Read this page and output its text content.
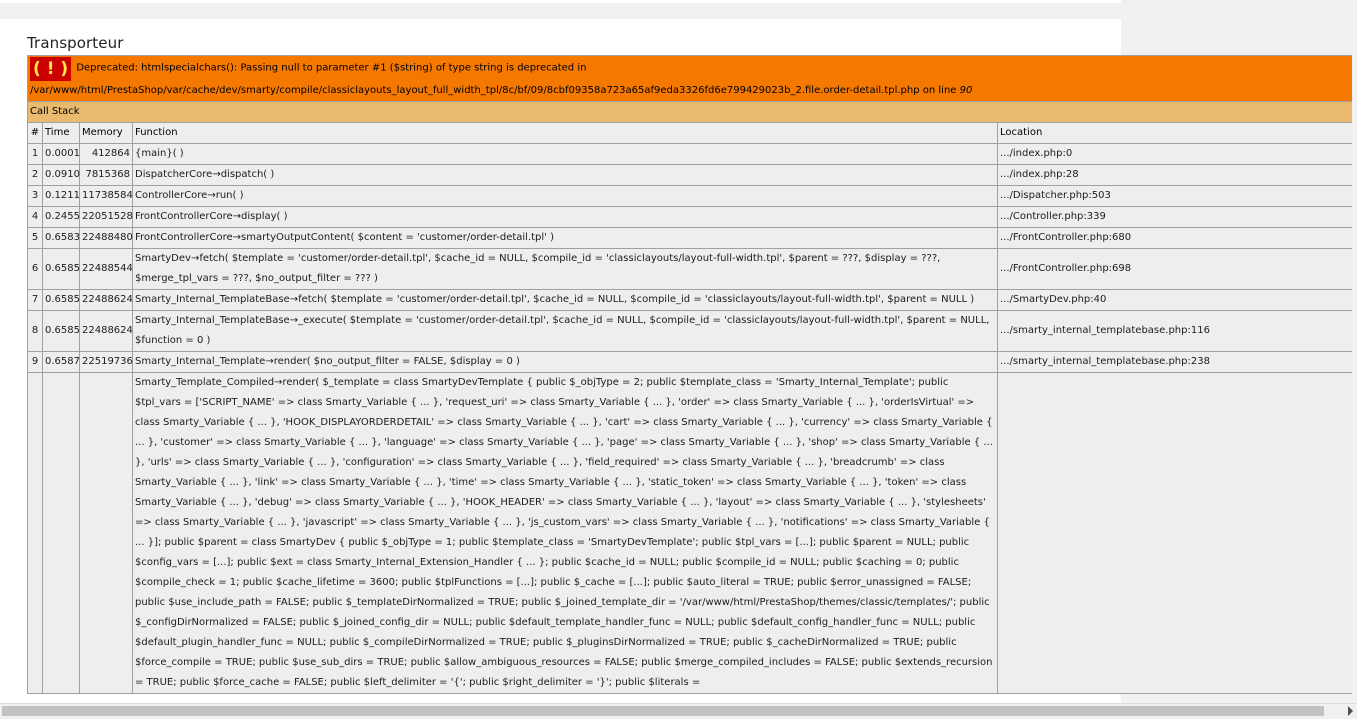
Transporteur
( ! ) Deprecated: htmlspecialchars(): Passing null to parameter #1 ($string) of type string is deprecated in
/var/www/html/PrestaShop/var/cache/dev/smarty/compile/classiclayouts_layout_full_width_tpl/8c/bf/09/8cbf09358a723a65af9eda3326fd6e799429023b_2.file.order-detail.tpl.php on line 90				
Call Stack				
#	Time	Memory	Function	Location
1	0.0001	412864	{main}( )	.../index.php:0
2	0.0910	7815368	DispatcherCore→dispatch( )	.../index.php:28
3	0.1211	11738584	ControllerCore→run( )	.../Dispatcher.php:503
4	0.2455	22051528	FrontControllerCore→display( )	.../Controller.php:339
5	0.6583	22488480	FrontControllerCore→smartyOutputContent( $content = 'customer/order-detail.tpl' )	.../FrontController.php:680
6	0.6585	22488544	SmartyDev→fetch( $template = 'customer/order-detail.tpl', $cache_id = NULL, $compile_id = 'classiclayouts/layout-full-width.tpl', $parent = ???, $display = ???, $merge_tpl_vars = ???, $no_output_filter = ??? )	.../FrontController.php:698
7	0.6585	22488624	Smarty_Internal_TemplateBase→fetch( $template = 'customer/order-detail.tpl', $cache_id = NULL, $compile_id = 'classiclayouts/layout-full-width.tpl', $parent = NULL )	.../SmartyDev.php:40
8	0.6585	22488624	Smarty_Internal_TemplateBase→_execute( $template = 'customer/order-detail.tpl', $cache_id = NULL, $compile_id = 'classiclayouts/layout-full-width.tpl', $parent = NULL, $function = 0 )	.../smarty_internal_templatebase.php:116
9	0.6587	22519736	Smarty_Internal_Template→render( $no_output_filter = FALSE, $display = 0 )	.../smarty_internal_templatebase.php:238
			Smarty_Template_Compiled→render( $_template = class SmartyDevTemplate { public $_objType = 2; public $template_class = 'Smarty_Internal_Template'; public $tpl_vars = ['SCRIPT_NAME' => class Smarty_Variable { ... }, 'request_uri' => class Smarty_Variable { ... }, 'order' => class Smarty_Variable { ... }, 'orderIsVirtual' => class Smarty_Variable { ... }, 'HOOK_DISPLAYORDERDETAIL' => class Smarty_Variable { ... }, 'cart' => class Smarty_Variable { ... }, 'currency' => class Smarty_Variable { ... }, 'customer' => class Smarty_Variable { ... }, 'language' => class Smarty_Variable { ... }, 'page' => class Smarty_Variable { ... }, 'shop' => class Smarty_Variable { ... }, 'urls' => class Smarty_Variable { ... }, 'configuration' => class Smarty_Variable { ... }, 'field_required' => class Smarty_Variable { ... }, 'breadcrumb' => class Smarty_Variable { ... }, 'link' => class Smarty_Variable { ... }, 'time' => class Smarty_Variable { ... }, 'static_token' => class Smarty_Variable { ... }, 'token' => class Smarty_Variable { ... }, 'debug' => class Smarty_Variable { ... }, 'HOOK_HEADER' => class Smarty_Variable { ... }, 'layout' => class Smarty_Variable { ... }, 'stylesheets' => class Smarty_Variable { ... }, 'javascript' => class Smarty_Variable { ... }, 'js_custom_vars' => class Smarty_Variable { ... }, 'notifications' => class Smarty_Variable { ... }]; public $parent = class SmartyDev { public $_objType = 1; public $template_class = 'SmartyDevTemplate'; public $tpl_vars = [...]; public $parent = NULL; public $config_vars = [...]; public $ext = class Smarty_Internal_Extension_Handler { ... }; public $cache_id = NULL; public $compile_id = NULL; public $caching = 0; public $compile_check = 1; public $cache_lifetime = 3600; public $tplFunctions = [...]; public $_cache = [...]; public $auto_literal = TRUE; public $error_unassigned = FALSE; public $use_include_path = FALSE; public $_templateDirNormalized = TRUE; public $_joined_template_dir = '/var/www/html/PrestaShop/themes/classic/templates/'; public $_configDirNormalized = FALSE; public $_joined_config_dir = NULL; public $default_template_handler_func = NULL; public $default_config_handler_func = NULL; public $default_plugin_handler_func = NULL; public $_compileDirNormalized = TRUE; public $_pluginsDirNormalized = TRUE; public $_cacheDirNormalized = TRUE; public $force_compile = TRUE; public $use_sub_dirs = TRUE; public $allow_ambiguous_resources = FALSE; public $merge_compiled_includes = FALSE; public $extends_recursion = TRUE; public $force_cache = FALSE; public $left_delimiter = '{'; public $right_delimiter = '}'; public $literals =	
